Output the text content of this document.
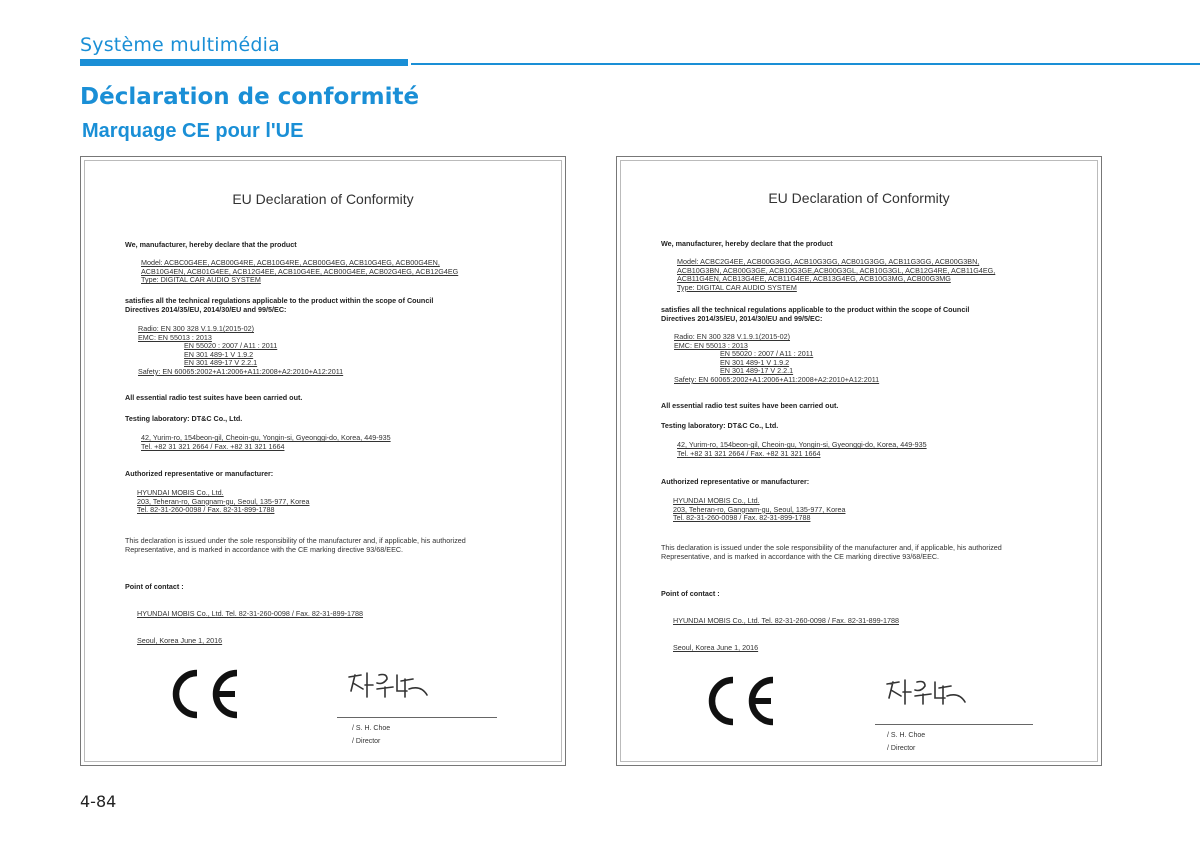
Système multimédia
Déclaration de conformité
Marquage CE pour l'UE
EU Declaration of Conformity
We, manufacturer, hereby declare that the product
Model: ACBC0G4EE, ACB00G4RE, ACB10G4RE, ACB00G4EG, ACB10G4EG, ACB00G4EN,
ACB10G4EN, ACB01G4EE, ACB12G4EE, ACB10G4EE, ACB00G4EE, ACB02G4EG, ACB12G4EG
Type: DIGITAL CAR AUDIO SYSTEM
satisfies all the technical regulations applicable to the product within the scope of Council
Directives 2014/35/EU, 2014/30/EU and 99/5/EC:
Radio: EN 300 328 V.1.9.1(2015-02)
EMC: EN 55013 : 2013
EN 55020 : 2007 / A11 : 2011
EN 301 489-1 V 1.9.2
EN 301 489-17 V 2.2.1
Safety: EN 60065:2002+A1:2006+A11:2008+A2:2010+A12:2011
All essential radio test suites have been carried out.
Testing laboratory: DT&C Co., Ltd.
42, Yurim-ro, 154beon-gil, Cheoin-gu, Yongin-si, Gyeonggi-do, Korea, 449-935
Tel. +82 31 321 2664 / Fax. +82 31 321 1664
Authorized representative or manufacturer:
HYUNDAI MOBIS Co., Ltd.
203, Teheran-ro, Gangnam-gu, Seoul, 135-977, Korea
Tel. 82-31-260-0098 / Fax. 82-31-899-1788
This declaration is issued under the sole responsibility of the manufacturer and, if applicable, his authorized
Representative, and is marked in accordance with the CE marking directive 93/68/EEC.
Point of contact :
HYUNDAI MOBIS Co., Ltd. Tel. 82-31-260-0098 / Fax. 82-31-899-1788
Seoul, Korea June 1, 2016
/ S. H. Choe
/ Director
EU Declaration of Conformity
We, manufacturer, hereby declare that the product
Model: ACBC2G4EE, ACB00G3GG, ACB10G3GG, ACB01G3GG, ACB11G3GG, ACB00G3BN,
ACB10G3BN, ACB00G3GE, ACB10G3GE,ACB00G3GL, ACB10G3GL, ACB12G4RE, ACB11G4EG,
ACB11G4EN, ACB13G4EE, ACB11G4EE, ACB13G4EG, ACB10G3MG, ACB00G3MG
Type: DIGITAL CAR AUDIO SYSTEM
satisfies all the technical regulations applicable to the product within the scope of Council
Directives 2014/35/EU, 2014/30/EU and 99/5/EC:
Radio: EN 300 328 V.1.9.1(2015-02)
EMC: EN 55013 : 2013
EN 55020 : 2007 / A11 : 2011
EN 301 489-1 V 1.9.2
EN 301 489-17 V 2.2.1
Safety: EN 60065:2002+A1:2006+A11:2008+A2:2010+A12:2011
All essential radio test suites have been carried out.
Testing laboratory: DT&C Co., Ltd.
42, Yurim-ro, 154beon-gil, Cheoin-gu, Yongin-si, Gyeonggi-do, Korea, 449-935
Tel. +82 31 321 2664 / Fax. +82 31 321 1664
Authorized representative or manufacturer:
HYUNDAI MOBIS Co., Ltd.
203, Teheran-ro, Gangnam-gu, Seoul, 135-977, Korea
Tel. 82-31-260-0098 / Fax. 82-31-899-1788
This declaration is issued under the sole responsibility of the manufacturer and, if applicable, his authorized
Representative, and is marked in accordance with the CE marking directive 93/68/EEC.
Point of contact :
HYUNDAI MOBIS Co., Ltd. Tel. 82-31-260-0098 / Fax. 82-31-899-1788
Seoul, Korea June 1, 2016
/ S. H. Choe
/ Director
4-84
